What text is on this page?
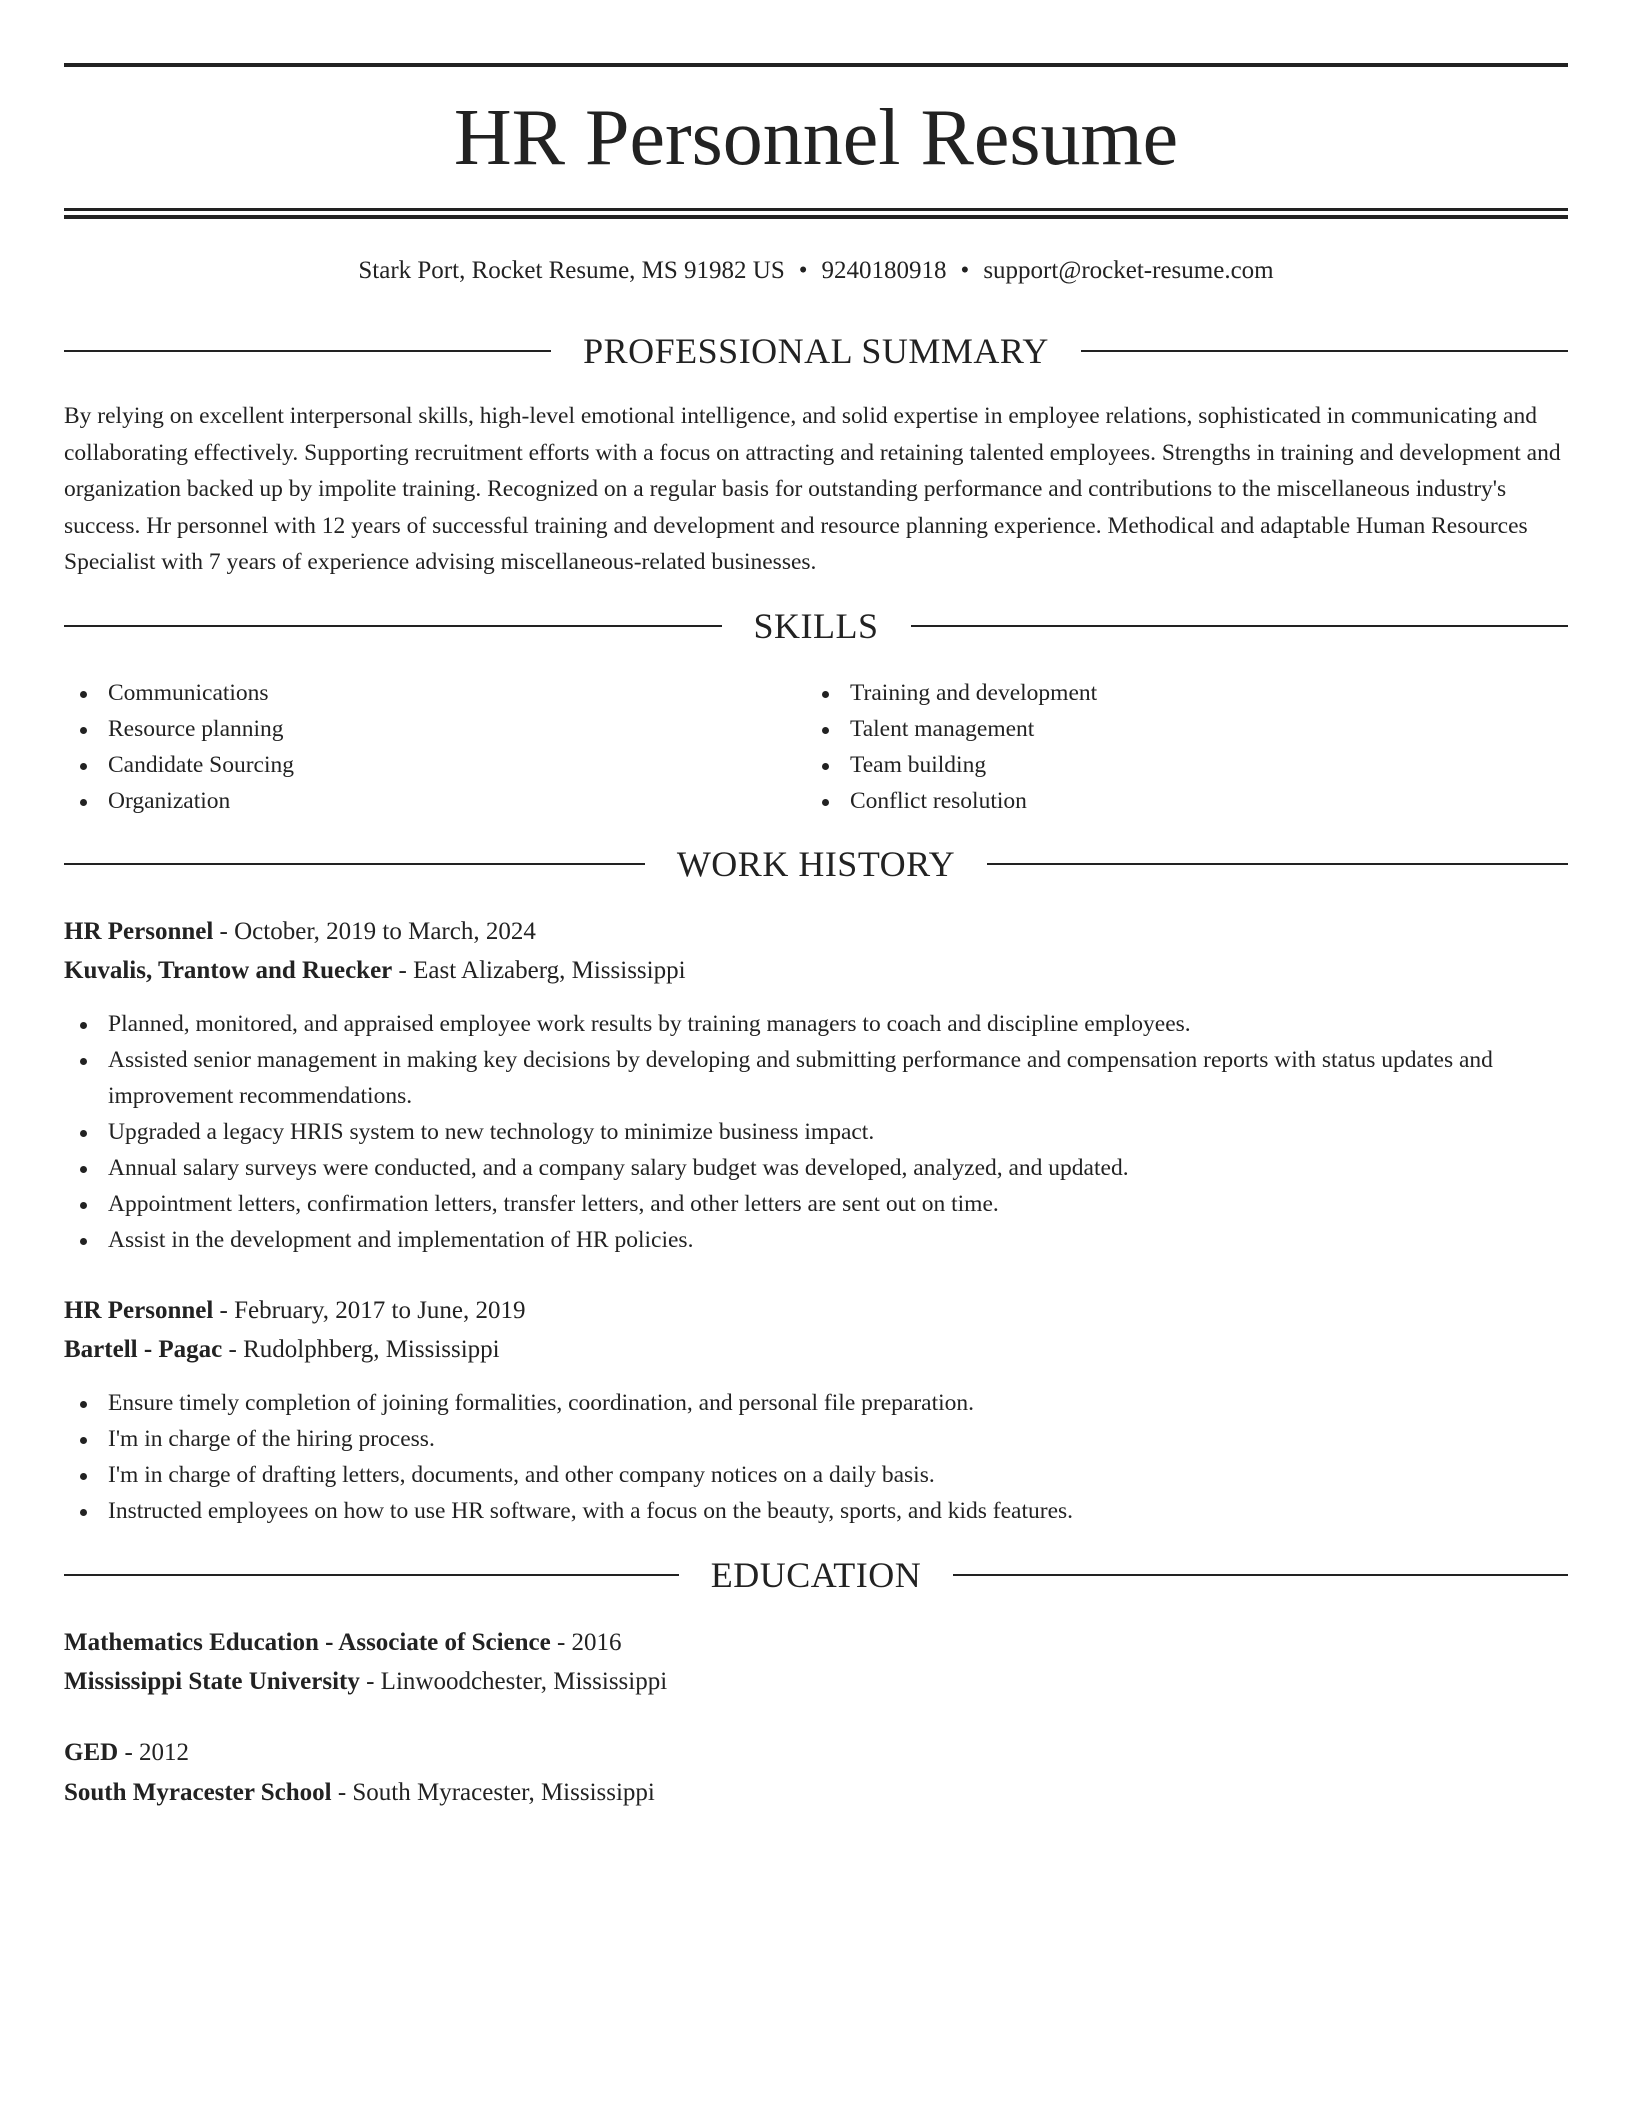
HR Personnel Resume
Stark Port, Rocket Resume, MS 91982 US • 9240180918 • support@rocket-resume.com
PROFESSIONAL SUMMARY
By relying on excellent interpersonal skills, high-level emotional intelligence, and solid expertise in employee relations, sophisticated in communicating and collaborating effectively. Supporting recruitment efforts with a focus on attracting and retaining talented employees. Strengths in training and development and organization backed up by impolite training. Recognized on a regular basis for outstanding performance and contributions to the miscellaneous industry's success. Hr personnel with 12 years of successful training and development and resource planning experience. Methodical and adaptable Human Resources Specialist with 7 years of experience advising miscellaneous-related businesses.
SKILLS
Communications
Resource planning
Candidate Sourcing
Organization
Training and development
Talent management
Team building
Conflict resolution
WORK HISTORY
HR Personnel - October, 2019 to March, 2024
Kuvalis, Trantow and Ruecker - East Alizaberg, Mississippi
Planned, monitored, and appraised employee work results by training managers to coach and discipline employees.
Assisted senior management in making key decisions by developing and submitting performance and compensation reports with status updates and improvement recommendations.
Upgraded a legacy HRIS system to new technology to minimize business impact.
Annual salary surveys were conducted, and a company salary budget was developed, analyzed, and updated.
Appointment letters, confirmation letters, transfer letters, and other letters are sent out on time.
Assist in the development and implementation of HR policies.
HR Personnel - February, 2017 to June, 2019
Bartell - Pagac - Rudolphberg, Mississippi
Ensure timely completion of joining formalities, coordination, and personal file preparation.
I'm in charge of the hiring process.
I'm in charge of drafting letters, documents, and other company notices on a daily basis.
Instructed employees on how to use HR software, with a focus on the beauty, sports, and kids features.
EDUCATION
Mathematics Education - Associate of Science - 2016
Mississippi State University - Linwoodchester, Mississippi
GED - 2012
South Myracester School - South Myracester, Mississippi
